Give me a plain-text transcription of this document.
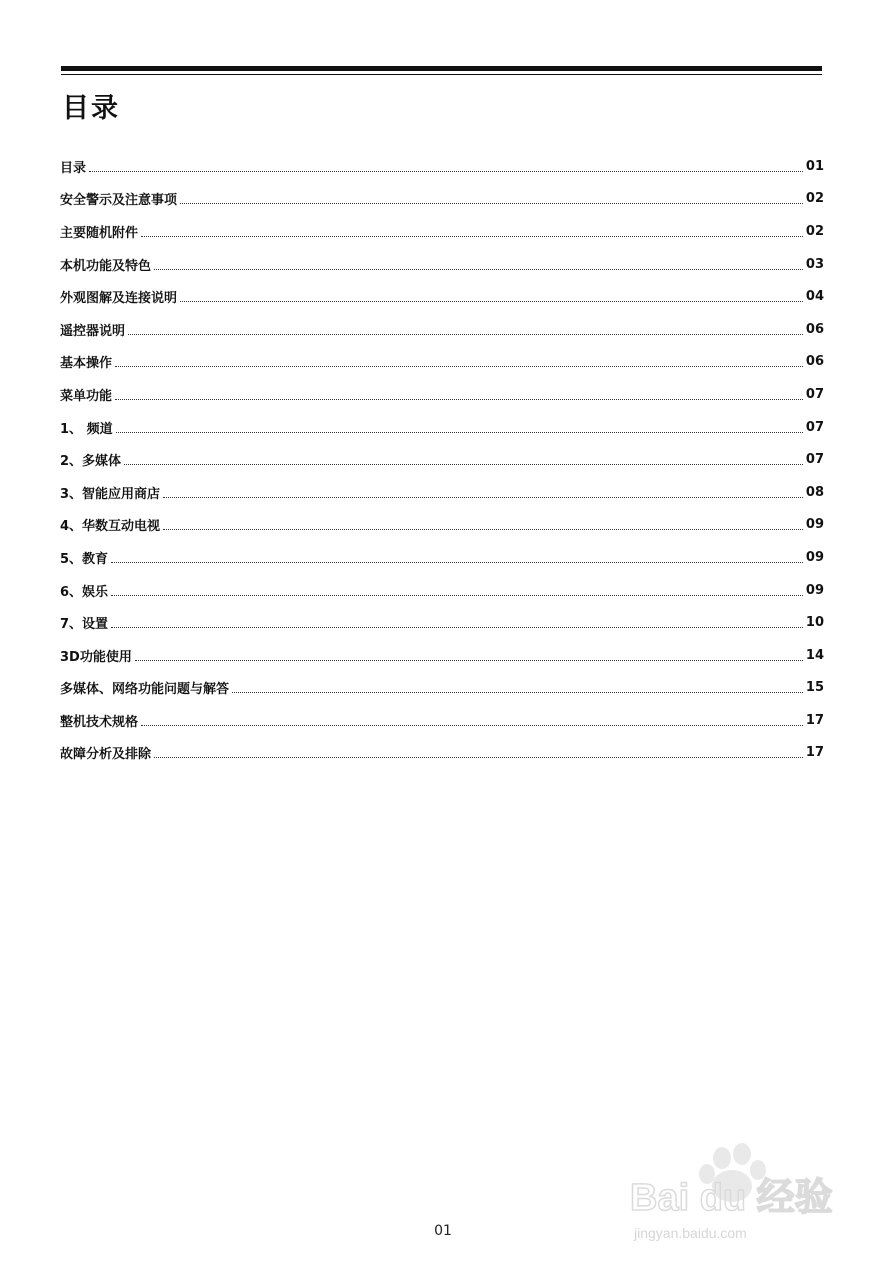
目录
目录	01
安全警示及注意事项	02
主要随机附件	02
本机功能及特色	03
外观图解及连接说明	04
遥控器说明	06
基本操作	06
菜单功能	07
1、 频道	07
2、多媒体	07
3、智能应用商店	08
4、华数互动电视	09
5、教育	09
6、娱乐	09
7、设置	10
3D功能使用	14
多媒体、网络功能问题与解答	15
整机技术规格	17
故障分析及排除	17
Bai du 经验
jingyan.baidu.com
01
